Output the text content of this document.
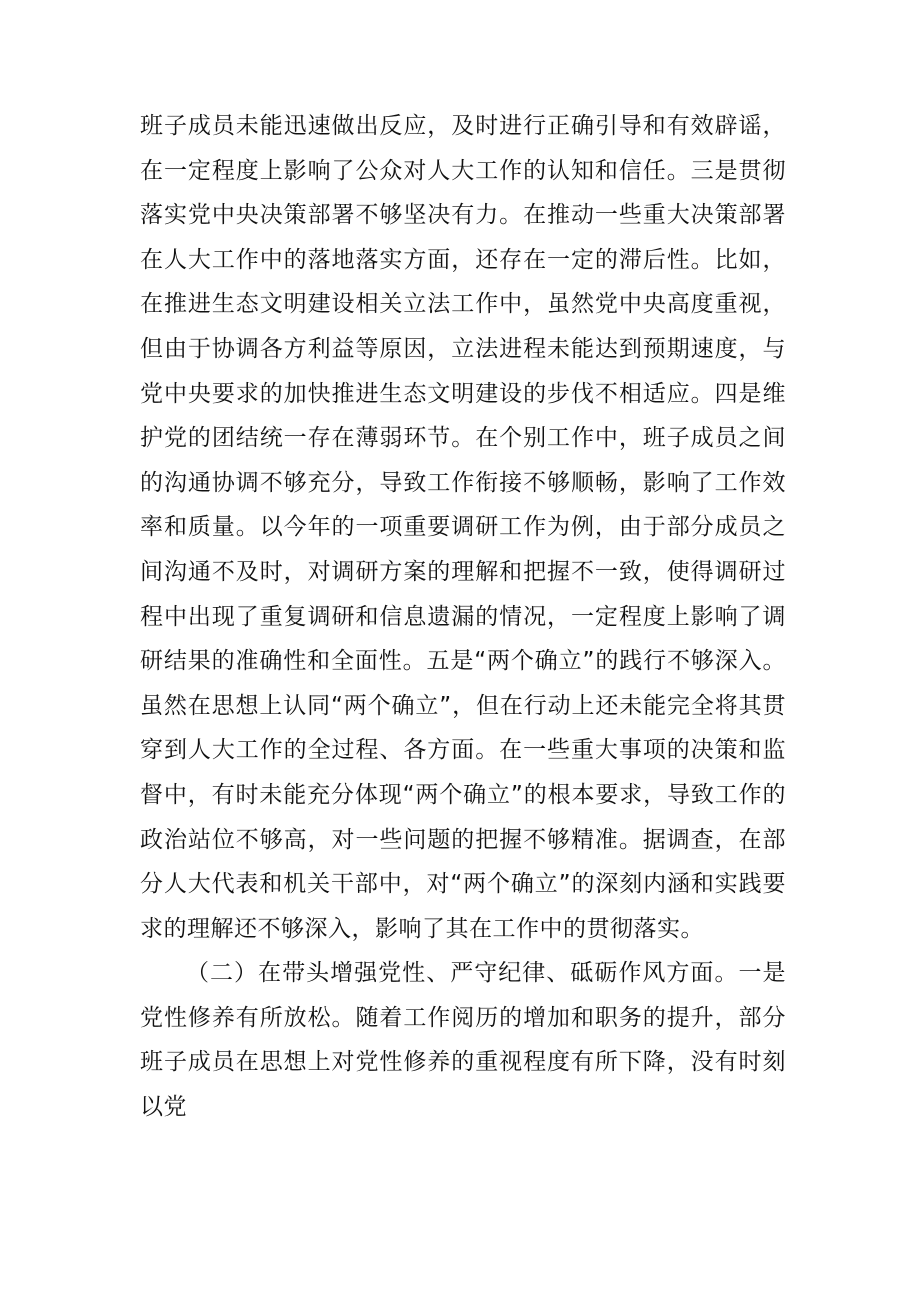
班子成员未能迅速做出反应，及时进行正确引导和有效辟谣，在一定程度上影响了公众对人大工作的认知和信任。三是贯彻落实党中央决策部署不够坚决有力。在推动一些重大决策部署在人大工作中的落地落实方面，还存在一定的滞后性。比如，在推进生态文明建设相关立法工作中，虽然党中央高度重视，但由于协调各方利益等原因，立法进程未能达到预期速度，与党中央要求的加快推进生态文明建设的步伐不相适应。四是维护党的团结统一存在薄弱环节。在个别工作中，班子成员之间的沟通协调不够充分，导致工作衔接不够顺畅，影响了工作效率和质量。以今年的一项重要调研工作为例，由于部分成员之间沟通不及时，对调研方案的理解和把握不一致，使得调研过程中出现了重复调研和信息遗漏的情况，一定程度上影响了调研结果的准确性和全面性。五是“两个确立”的践行不够深入。虽然在思想上认同“两个确立”，但在行动上还未能完全将其贯穿到人大工作的全过程、各方面。在一些重大事项的决策和监督中，有时未能充分体现“两个确立”的根本要求，导致工作的政治站位不够高，对一些问题的把握不够精准。据调查，在部分人大代表和机关干部中，对“两个确立”的深刻内涵和实践要求的理解还不够深入，影响了其在工作中的贯彻落实。

（二）在带头增强党性、严守纪律、砥砺作风方面。一是党性修养有所放松。随着工作阅历的增加和职务的提升，部分班子成员在思想上对党性修养的重视程度有所下降，没有时刻以党
